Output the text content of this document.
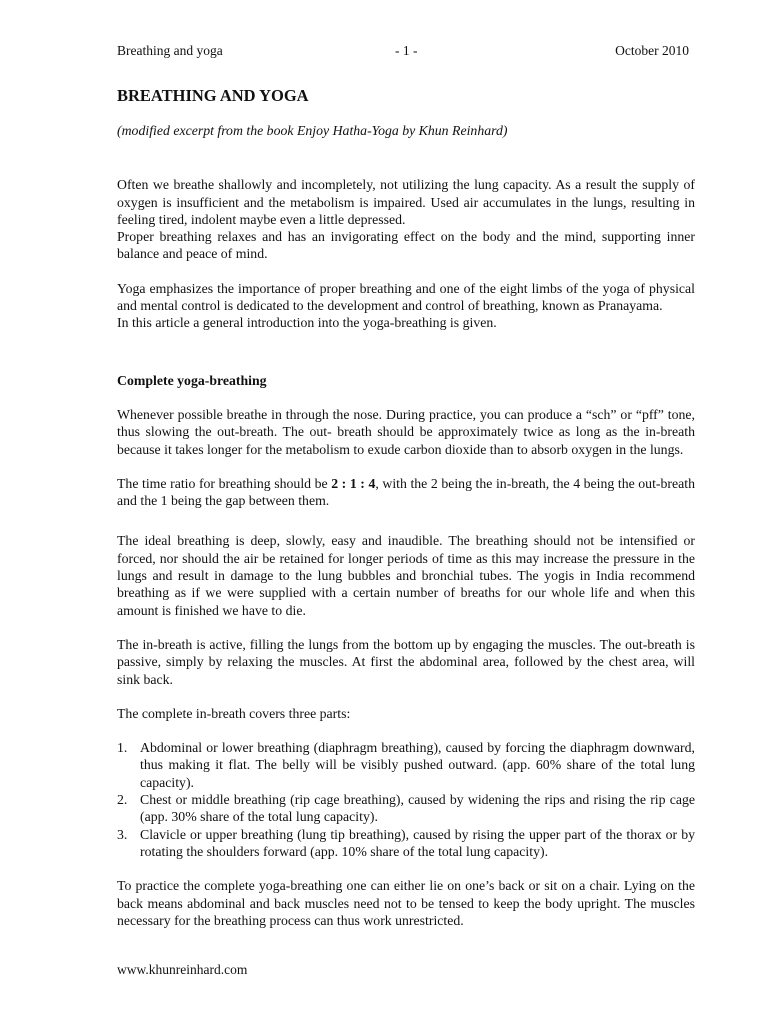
Breathing and yoga	- 1 -	October 2010
BREATHING AND YOGA

(modified excerpt from the book Enjoy Hatha-Yoga by Khun Reinhard)

Often we breathe shallowly and incompletely, not utilizing the lung capacity. As a result the supply of oxygen is insufficient and the metabolism is impaired. Used air accumulates in the lungs, resulting in feeling tired, indolent maybe even a little depressed.

Proper breathing relaxes and has an invigorating effect on the body and the mind, supporting inner balance and peace of mind.

Yoga emphasizes the importance of proper breathing and one of the eight limbs of the yoga of physical and mental control is dedicated to the development and control of breathing, known as Pranayama.

In this article a general introduction into the yoga-breathing is given.

Complete yoga-breathing

Whenever possible breathe in through the nose. During practice, you can produce a “sch” or “pff” tone, thus slowing the out-breath. The out- breath should be approximately twice as long as the in-breath because it takes longer for the metabolism to exude carbon dioxide than to absorb oxygen in the lungs.

The time ratio for breathing should be 2 : 1 : 4, with the 2 being the in-breath, the 4 being the out-breath and the 1 being the gap between them.

The ideal breathing is deep, slowly, easy and inaudible. The breathing should not be intensified or forced, nor should the air be retained for longer periods of time as this may increase the pressure in the lungs and result in damage to the lung bubbles and bronchial tubes. The yogis in India recommend breathing as if we were supplied with a certain number of breaths for our whole life and when this amount is finished we have to die.

The in-breath is active, filling the lungs from the bottom up by engaging the muscles. The out-breath is passive, simply by relaxing the muscles. At first the abdominal area, followed by the chest area, will sink back.

The complete in-breath covers three parts:

1. Abdominal or lower breathing (diaphragm breathing), caused by forcing the diaphragm downward, thus making it flat. The belly will be visibly pushed outward. (app. 60% share of the total lung capacity).
2. Chest or middle breathing (rip cage breathing), caused by widening the rips and rising the rip cage (app. 30% share of the total lung capacity).
3. Clavicle or upper breathing (lung tip breathing), caused by rising the upper part of the thorax or by rotating the shoulders forward (app. 10% share of the total lung capacity).

To practice the complete yoga-breathing one can either lie on one’s back or sit on a chair. Lying on the back means abdominal and back muscles need not to be tensed to keep the body upright. The muscles necessary for the breathing process can thus work unrestricted.

www.khunreinhard.com
